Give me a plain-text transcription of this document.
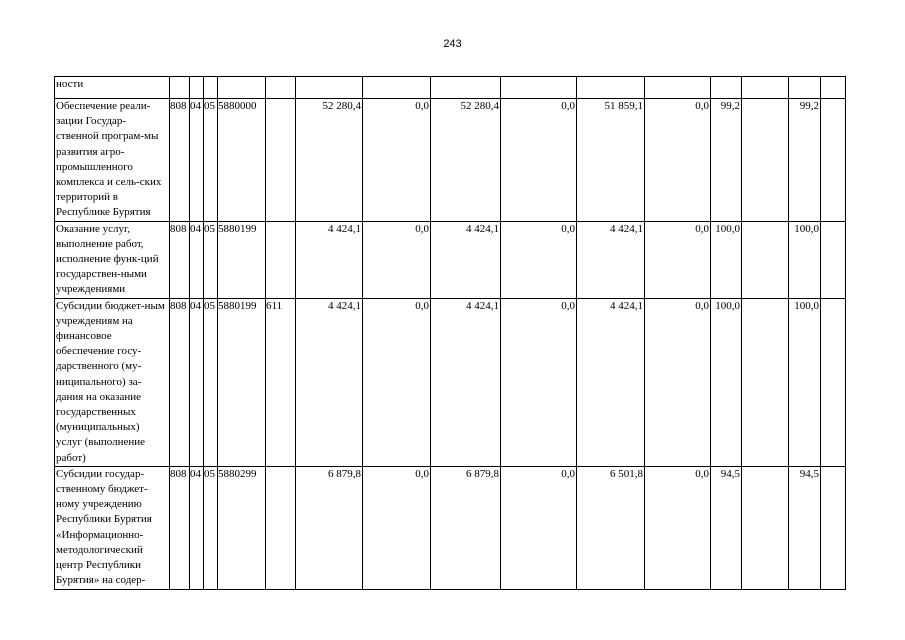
243
ности															
Обеспечение реали-зации Государ-ственной програм-мы развития агро-промышленного комплекса и сель-ских территорий в Республике Бурятия	808	04	05	5880000		52 280,4	0,0	52 280,4	0,0	51 859,1	0,0	99,2		99,2	
Оказание услуг, выполнение работ, исполнение функ-ций государствен-ными учреждениями	808	04	05	5880199		4 424,1	0,0	4 424,1	0,0	4 424,1	0,0	100,0		100,0	
Субсидии бюджет-ным учреждениям на финансовое обеспечение госу-дарственного (му-ниципального) за-дания на оказание государственных (муниципальных) услуг (выполнение работ)	808	04	05	5880199	611	4 424,1	0,0	4 424,1	0,0	4 424,1	0,0	100,0		100,0	
Субсидии государ-ственному бюджет-ному учреждению Республики Бурятия «Информационно-методологический центр Республики Бурятия» на содер-	808	04	05	5880299		6 879,8	0,0	6 879,8	0,0	6 501,8	0,0	94,5		94,5	
